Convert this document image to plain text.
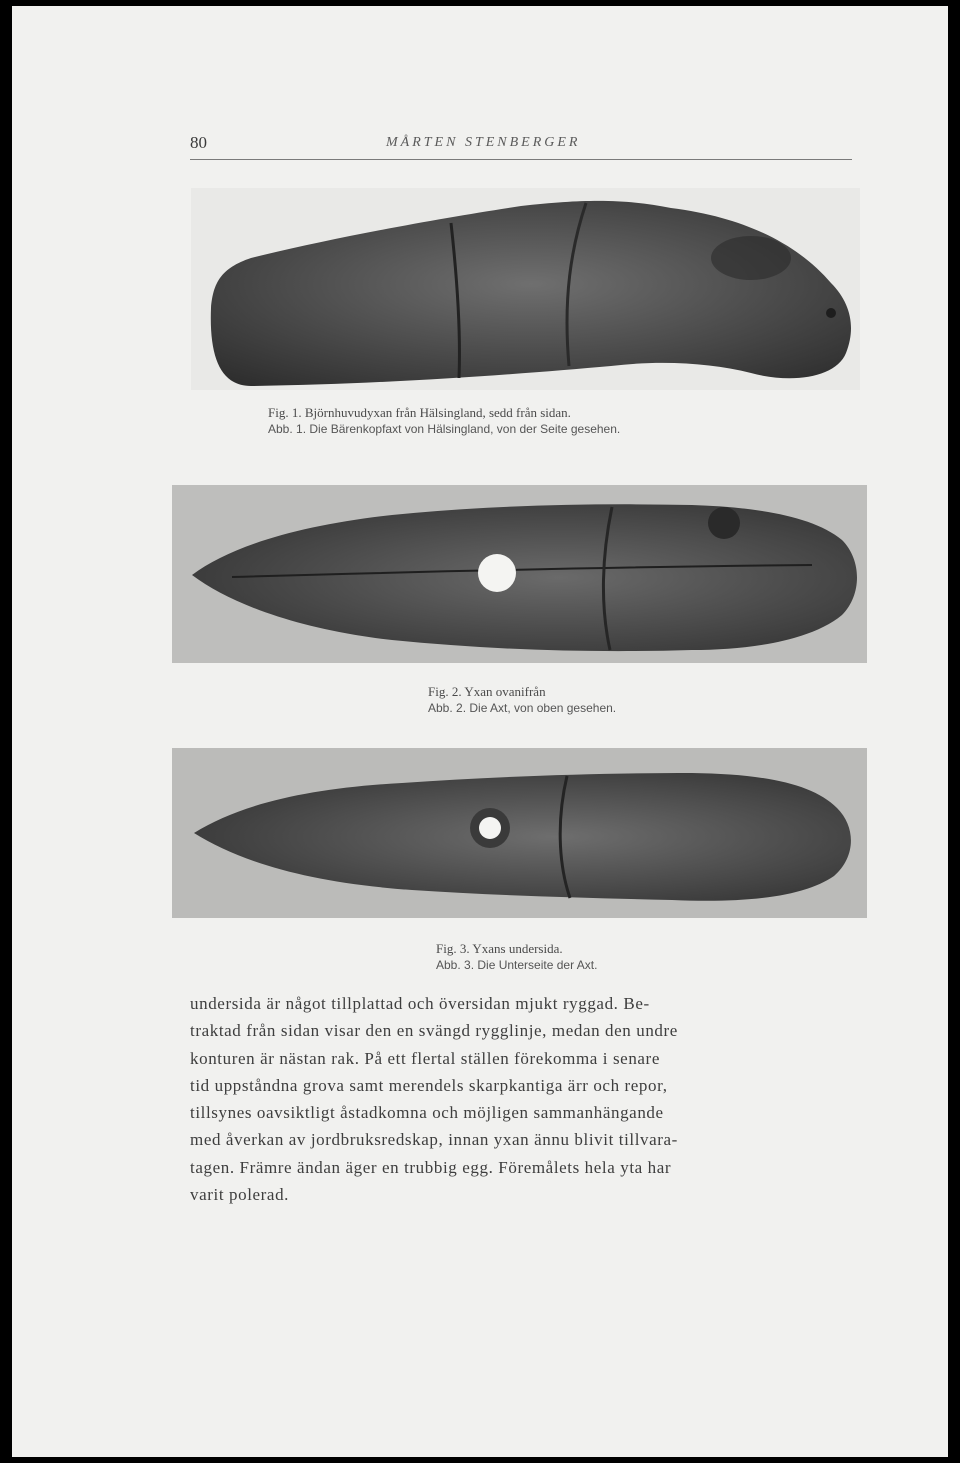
80	MÅRTEN STENBERGER
Fig. 1. Björnhuvudyxan från Hälsingland, sedd från sidan.
Abb. 1. Die Bärenkopfaxt von Hälsingland, von der Seite gesehen.
Fig. 2. Yxan ovanifrån
Abb. 2. Die Axt, von oben gesehen.
Fig. 3. Yxans undersida.
Abb. 3. Die Unterseite der Axt.
undersida är något tillplattad och översidan mjukt ryggad. Be-
traktad från sidan visar den en svängd rygglinje, medan den undre
konturen är nästan rak. På ett flertal ställen förekomma i senare
tid uppståndna grova samt merendels skarpkantiga ärr och repor,
tillsynes oavsiktligt åstadkomna och möjligen sammanhängande
med åverkan av jordbruksredskap, innan yxan ännu blivit tillvara-
tagen. Främre ändan äger en trubbig egg. Föremålets hela yta har
varit polerad.
